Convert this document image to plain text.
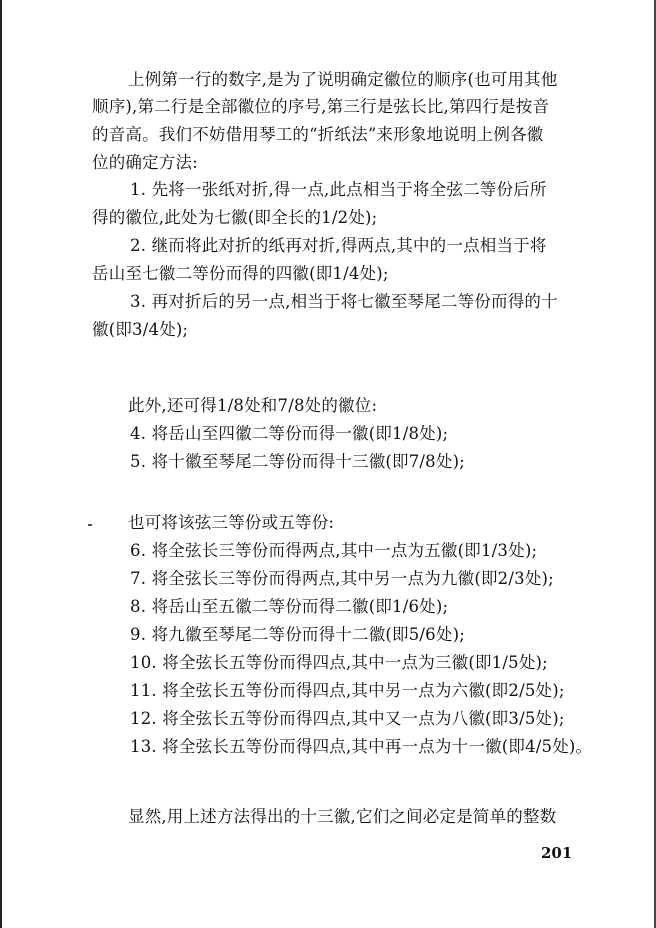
上例第一行的数字,是为了说明确定徽位的顺序(也可用其他
顺序),第二行是全部徽位的序号,第三行是弦长比,第四行是按音
的音高。我们不妨借用琴工的“折纸法”来形象地说明上例各徽
位的确定方法:
1. 先将一张纸对折,得一点,此点相当于将全弦二等份后所
得的徽位,此处为七徽(即全长的1/2处);
2. 继而将此对折的纸再对折,得两点,其中的一点相当于将
岳山至七徽二等份而得的四徽(即1/4处);
3. 再对折后的另一点,相当于将七徽至琴尾二等份而得的十
徽(即3/4处);
此外,还可得1/8处和7/8处的徽位:
4. 将岳山至四徽二等份而得一徽(即1/8处);
5. 将十徽至琴尾二等份而得十三徽(即7/8处);
也可将该弦三等份或五等份:
6. 将全弦长三等份而得两点,其中一点为五徽(即1/3处);
7. 将全弦长三等份而得两点,其中另一点为九徽(即2/3处);
8. 将岳山至五徽二等份而得二徽(即1/6处);
9. 将九徽至琴尾二等份而得十二徽(即5/6处);
10. 将全弦长五等份而得四点,其中一点为三徽(即1/5处);
11. 将全弦长五等份而得四点,其中另一点为六徽(即2/5处);
12. 将全弦长五等份而得四点,其中又一点为八徽(即3/5处);
13. 将全弦长五等份而得四点,其中再一点为十一徽(即4/5处)。
显然,用上述方法得出的十三徽,它们之间必定是简单的整数
201
